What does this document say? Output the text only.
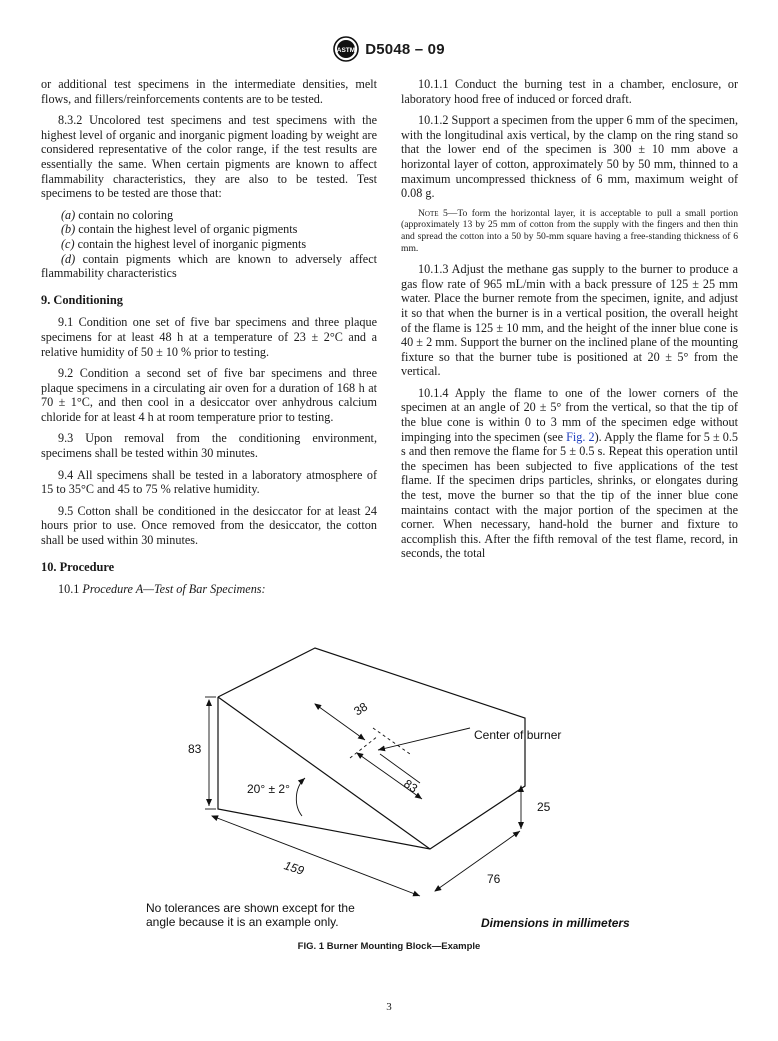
ASTM D5048 – 09

or additional test specimens in the intermediate densities, melt flows, and fillers/reinforcements contents are to be tested.

8.3.2 Uncolored test specimens and test specimens with the highest level of organic and inorganic pigment loading by weight are considered representative of the color range, if the test results are essentially the same. When certain pigments are known to affect flammability characteristics, they are also to be tested. Test specimens to be tested are those that:

(a) contain no coloring

(b) contain the highest level of organic pigments

(c) contain the highest level of inorganic pigments

(d) contain pigments which are known to adversely affect flammability characteristics

9. Conditioning

9.1 Condition one set of five bar specimens and three plaque specimens for at least 48 h at a temperature of 23 ± 2°C and a relative humidity of 50 ± 10 % prior to testing.

9.2 Condition a second set of five bar specimens and three plaque specimens in a circulating air oven for a duration of 168 h at 70 ± 1°C, and then cool in a desiccator over anhydrous calcium chloride for at least 4 h at room temperature prior to testing.

9.3 Upon removal from the conditioning environment, specimens shall be tested within 30 minutes.

9.4 All specimens shall be tested in a laboratory atmosphere of 15 to 35°C and 45 to 75 % relative humidity.

9.5 Cotton shall be conditioned in the desiccator for at least 24 hours prior to use. Once removed from the desiccator, the cotton shall be used within 30 minutes.

10. Procedure

10.1 Procedure A—Test of Bar Specimens:

10.1.1 Conduct the burning test in a chamber, enclosure, or laboratory hood free of induced or forced draft.

10.1.2 Support a specimen from the upper 6 mm of the specimen, with the longitudinal axis vertical, by the clamp on the ring stand so that the lower end of the specimen is 300 ± 10 mm above a horizontal layer of cotton, approximately 50 by 50 mm, thinned to a maximum uncompressed thickness of 6 mm, maximum weight of 0.08 g.

Note 5—To form the horizontal layer, it is acceptable to pull a small portion (approximately 13 by 25 mm of cotton from the supply with the fingers and then thin and spread the cotton into a 50 by 50-mm square having a free-standing thickness of 6 mm.

10.1.3 Adjust the methane gas supply to the burner to produce a gas flow rate of 965 mL/min with a back pressure of 125 ± 25 mm water. Place the burner remote from the specimen, ignite, and adjust it so that when the burner is in a vertical position, the overall height of the flame is 125 ± 10 mm, and the height of the inner blue cone is 40 ± 2 mm. Support the burner on the inclined plane of the mounting fixture so that the burner tube is positioned at 20 ± 5° from the vertical.

10.1.4 Apply the flame to one of the lower corners of the specimen at an angle of 20 ± 5° from the vertical, so that the tip of the blue cone is within 0 to 3 mm of the specimen edge without impinging into the specimen (see Fig. 2). Apply the flame for 5 ± 0.5 s and then remove the flame for 5 ± 0.5 s. Repeat this operation until the specimen has been subjected to five applications of the test flame. If the specimen drips particles, shrinks, or elongates during the test, move the burner so that the tip of the inner blue cone maintains contact with the major portion of the specimen at the corner. When necessary, hand-hold the burner and fixture to accomplish this. After the fifth removal of the test flame, record, in seconds, the total

38
83
83
25
159
76
20° ± 2°
Center of burner
No tolerances are shown except for the
angle because it is an example only.	Dimensions in millimeters
FIG. 1 Burner Mounting Block—Example
3
